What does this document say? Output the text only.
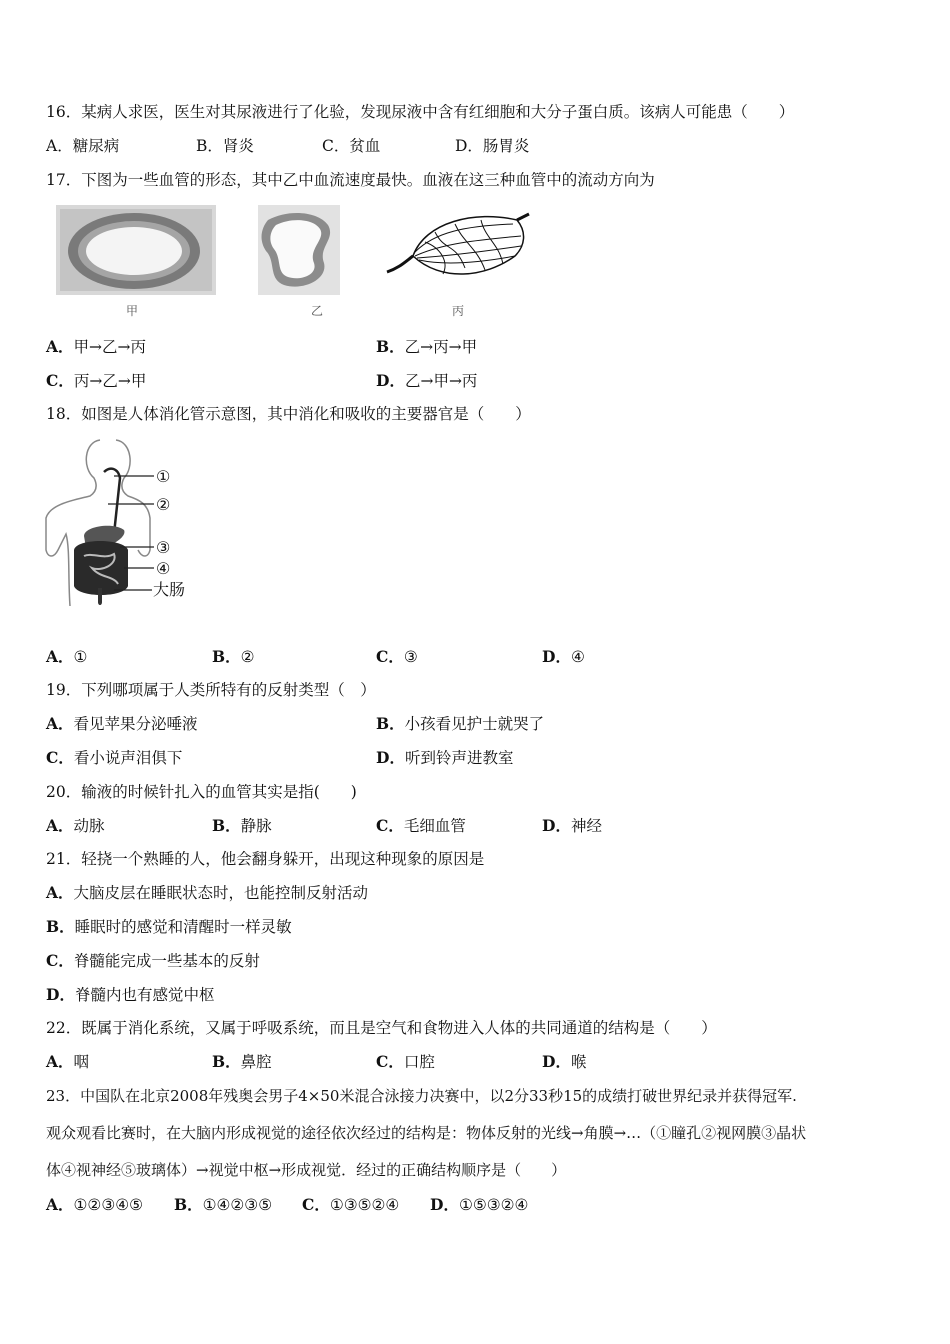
16．某病人求医，医生对其尿液进行了化验，发现尿液中含有红细胞和大分子蛋白质。该病人可能患（　　）
A．糖尿病	B．肾炎	C．贫血	D．肠胃炎
17．下图为一些血管的形态，其中乙中血流速度最快。血液在这三种血管中的流动方向为
甲	乙	丙
A．甲→乙→丙	B．乙→丙→甲
C．丙→乙→甲	D．乙→甲→丙
18．如图是人体消化管示意图，其中消化和吸收的主要器官是（　　）
①
②
③
④
大肠
A．①	B．②	C．③	D．④
19．下列哪项属于人类所特有的反射类型（　）
A．看见苹果分泌唾液	B．小孩看见护士就哭了
C．看小说声泪俱下	D．听到铃声进教室
20．输液的时候针扎入的血管其实是指(　　)
A．动脉	B．静脉	C．毛细血管	D．神经
21．轻挠一个熟睡的人，他会翻身躲开，出现这种现象的原因是
A．大脑皮层在睡眠状态时，也能控制反射活动
B．睡眠时的感觉和清醒时一样灵敏
C．脊髓能完成一些基本的反射
D．脊髓内也有感觉中枢
22．既属于消化系统，又属于呼吸系统，而且是空气和食物进入人体的共同通道的结构是（　　）
A．咽	B．鼻腔	C．口腔	D．喉
23．中国队在北京2008年残奥会男子4×50米混合泳接力决赛中，以2分33秒15的成绩打破世界纪录并获得冠军.
观众观看比赛时，在大脑内形成视觉的途径依次经过的结构是：物体反射的光线→角膜→…（①瞳孔②视网膜③晶状
体④视神经⑤玻璃体）→视觉中枢→形成视觉．经过的正确结构顺序是（　　）
A．①②③④⑤ B．①④②③⑤ C．①③⑤②④ D．①⑤③②④
